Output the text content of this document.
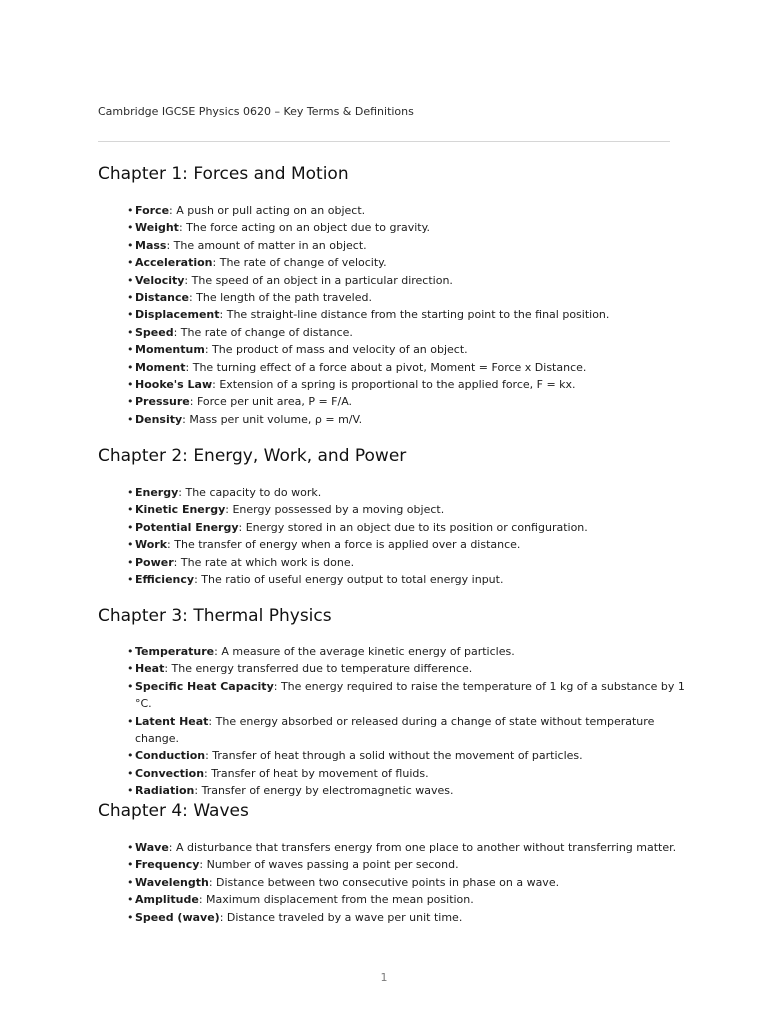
Cambridge IGCSE Physics 0620 – Key Terms & Definitions
Chapter 1: Forces and Motion
• Force: A push or pull acting on an object.
• Weight: The force acting on an object due to gravity.
• Mass: The amount of matter in an object.
• Acceleration: The rate of change of velocity.
• Velocity: The speed of an object in a particular direction.
• Distance: The length of the path traveled.
• Displacement: The straight-line distance from the starting point to the final position.
• Speed: The rate of change of distance.
• Momentum: The product of mass and velocity of an object.
• Moment: The turning effect of a force about a pivot, Moment = Force x Distance.
• Hooke's Law: Extension of a spring is proportional to the applied force, F = kx.
• Pressure: Force per unit area, P = F/A.
• Density: Mass per unit volume, ρ = m/V.
Chapter 2: Energy, Work, and Power
• Energy: The capacity to do work.
• Kinetic Energy: Energy possessed by a moving object.
• Potential Energy: Energy stored in an object due to its position or configuration.
• Work: The transfer of energy when a force is applied over a distance.
• Power: The rate at which work is done.
• Efficiency: The ratio of useful energy output to total energy input.
Chapter 3: Thermal Physics
• Temperature: A measure of the average kinetic energy of particles.
• Heat: The energy transferred due to temperature difference.
• Specific Heat Capacity: The energy required to raise the temperature of 1 kg of a substance by 1 °C.
• Latent Heat: The energy absorbed or released during a change of state without temperature change.
• Conduction: Transfer of heat through a solid without the movement of particles.
• Convection: Transfer of heat by movement of fluids.
• Radiation: Transfer of energy by electromagnetic waves.
Chapter 4: Waves
• Wave: A disturbance that transfers energy from one place to another without transferring matter.
• Frequency: Number of waves passing a point per second.
• Wavelength: Distance between two consecutive points in phase on a wave.
• Amplitude: Maximum displacement from the mean position.
• Speed (wave): Distance traveled by a wave per unit time.
1
